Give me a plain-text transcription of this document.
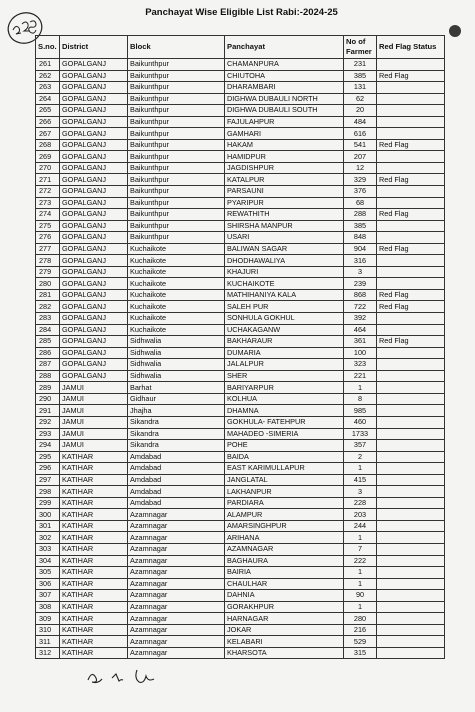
Panchayat Wise Eligible List Rabi:-2024-25
S.no.	District	Block	Panchayat	No of Farmer	Red Flag Status
261	GOPALGANJ	Baikunthpur	CHAMANPURA	231	
262	GOPALGANJ	Baikunthpur	CHIUTOHA	385	Red Flag
263	GOPALGANJ	Baikunthpur	DHARAMBARI	131	
264	GOPALGANJ	Baikunthpur	DIGHWA DUBAULI NORTH	62	
265	GOPALGANJ	Baikunthpur	DIGHWA DUBAULI SOUTH	20	
266	GOPALGANJ	Baikunthpur	FAJULAHPUR	484	
267	GOPALGANJ	Baikunthpur	GAMHARI	616	
268	GOPALGANJ	Baikunthpur	HAKAM	541	Red Flag
269	GOPALGANJ	Baikunthpur	HAMIDPUR	207	
270	GOPALGANJ	Baikunthpur	JAGDISHPUR	12	
271	GOPALGANJ	Baikunthpur	KATALPUR	329	Red Flag
272	GOPALGANJ	Baikunthpur	PARSAUNI	376	
273	GOPALGANJ	Baikunthpur	PYARIPUR	68	
274	GOPALGANJ	Baikunthpur	REWATHITH	288	Red Flag
275	GOPALGANJ	Baikunthpur	SHIRSHA MANPUR	385	
276	GOPALGANJ	Baikunthpur	USARI	848	
277	GOPALGANJ	Kuchaikote	BALIWAN SAGAR	904	Red Flag
278	GOPALGANJ	Kuchaikote	DHODHAWALIYA	316	
279	GOPALGANJ	Kuchaikote	KHAJURI	3	
280	GOPALGANJ	Kuchaikote	KUCHAIKOTE	239	
281	GOPALGANJ	Kuchaikote	MATHIHANIYA KALA	868	Red Flag
282	GOPALGANJ	Kuchaikote	SALEH PUR	722	Red Flag
283	GOPALGANJ	Kuchaikote	SONHULA GOKHUL	392	
284	GOPALGANJ	Kuchaikote	UCHAKAGANW	464	
285	GOPALGANJ	Sidhwalia	BAKHARAUR	361	Red Flag
286	GOPALGANJ	Sidhwalia	DUMARIA	100	
287	GOPALGANJ	Sidhwalia	JALALPUR	323	
288	GOPALGANJ	Sidhwalia	SHER	221	
289	JAMUI	Barhat	BARIYARPUR	1	
290	JAMUI	Gidhaur	KOLHUA	8	
291	JAMUI	Jhajha	DHAMNA	985	
292	JAMUI	Sikandra	GOKHULA- FATEHPUR	460	
293	JAMUI	Sikandra	MAHADEO -SIMERIA	1733	
294	JAMUI	Sikandra	POHE	357	
295	KATIHAR	Amdabad	BAIDA	2	
296	KATIHAR	Amdabad	EAST KARIMULLAPUR	1	
297	KATIHAR	Amdabad	JANGLATAL	415	
298	KATIHAR	Amdabad	LAKHANPUR	3	
299	KATIHAR	Amdabad	PARDIARA	228	
300	KATIHAR	Azamnagar	ALAMPUR	203	
301	KATIHAR	Azamnagar	AMARSINGHPUR	244	
302	KATIHAR	Azamnagar	ARIHANA	1	
303	KATIHAR	Azamnagar	AZAMNAGAR	7	
304	KATIHAR	Azamnagar	BAGHAURA	222	
305	KATIHAR	Azamnagar	BAIRIA	1	
306	KATIHAR	Azamnagar	CHAULHAR	1	
307	KATIHAR	Azamnagar	DAHNIA	90	
308	KATIHAR	Azamnagar	GORAKHPUR	1	
309	KATIHAR	Azamnagar	HARNAGAR	280	
310	KATIHAR	Azamnagar	JOKAR	216	
311	KATIHAR	Azamnagar	KELABARI	529	
312	KATIHAR	Azamnagar	KHARSOTA	315	
